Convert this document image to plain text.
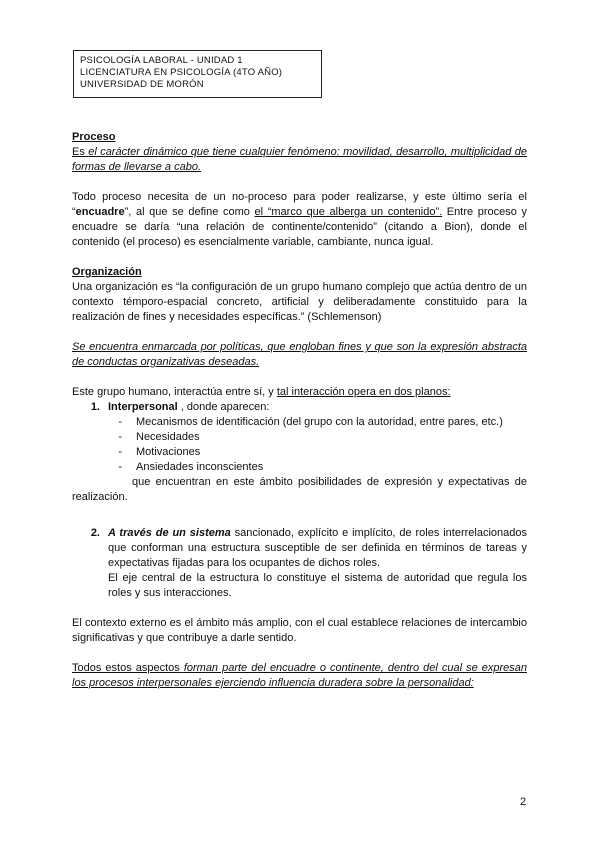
PSICOLOGÍA LABORAL - UNIDAD 1
LICENCIATURA EN PSICOLOGÍA (4TO AÑO)
UNIVERSIDAD DE MORÓN

Proceso

Es el carácter dinámico que tiene cualquier fenómeno: movilidad, desarrollo, multiplicidad de formas de llevarse a cabo.

Todo proceso necesita de un no-proceso para poder realizarse, y este último sería el “encuadre”, al que se define como el “marco que alberga un contenido”. Entre proceso y encuadre se daría “una relación de continente/contenido” (citando a Bion), donde el contenido (el proceso) es esencialmente variable, cambiante, nunca igual.

Organización

Una organización es “la configuración de un grupo humano complejo que actúa dentro de un contexto témporo-espacial concreto, artificial y deliberadamente constituido para la realización de fines y necesidades específicas.” (Schlemenson)

Se encuentra enmarcada por políticas, que engloban fines y que son la expresión abstracta de conductas organizativas deseadas.

Este grupo humano, interactúa entre sí, y tal interacción opera en dos planos:

1. Interpersonal , donde aparecen:
-	Mecanismos de identificación (del grupo con la autoridad, entre pares, etc.)
-	Necesidades
-	Motivaciones
-	Ansiedades inconscientes

que encuentran en este ámbito posibilidades de expresión y expectativas de realización.

2. A través de un sistema sancionado, explícito e implícito, de roles interrelacionados que conforman una estructura susceptible de ser definida en términos de tareas y expectativas fijadas para los ocupantes de dichos roles.

El eje central de la estructura lo constituye el sistema de autoridad que regula los roles y sus interacciones.

El contexto externo es el ámbito más amplio, con el cual establece relaciones de intercambio significativas y que contribuye a darle sentido.

Todos estos aspectos forman parte del encuadre o continente, dentro del cual se expresan los procesos interpersonales ejerciendo influencia duradera sobre la personalidad:

2
